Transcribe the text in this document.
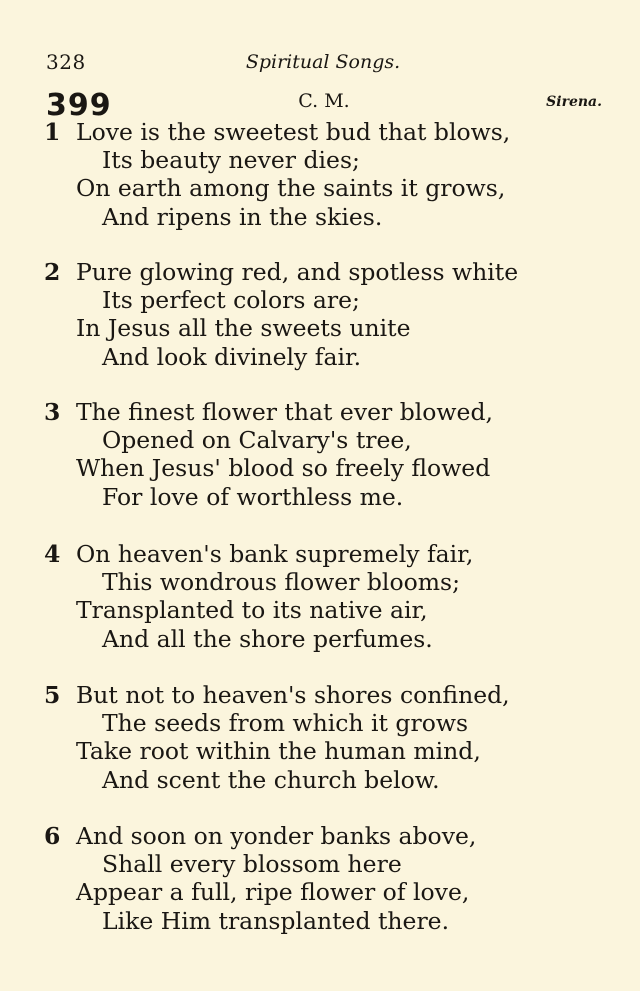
328	Spiritual Songs.
399	C. M.	Sirena.
1 Love is the sweetest bud that blows,
Its beauty never dies;
On earth among the saints it grows,
And ripens in the skies.
2 Pure glowing red, and spotless white
Its perfect colors are;
In Jesus all the sweets unite
And look divinely fair.
3 The finest flower that ever blowed,
Opened on Calvary's tree,
When Jesus' blood so freely flowed
For love of worthless me.
4 On heaven's bank supremely fair,
This wondrous flower blooms;
Transplanted to its native air,
And all the shore perfumes.
5 But not to heaven's shores confined,
The seeds from which it grows
Take root within the human mind,
And scent the church below.
6 And soon on yonder banks above,
Shall every blossom here
Appear a full, ripe flower of love,
Like Him transplanted there.
